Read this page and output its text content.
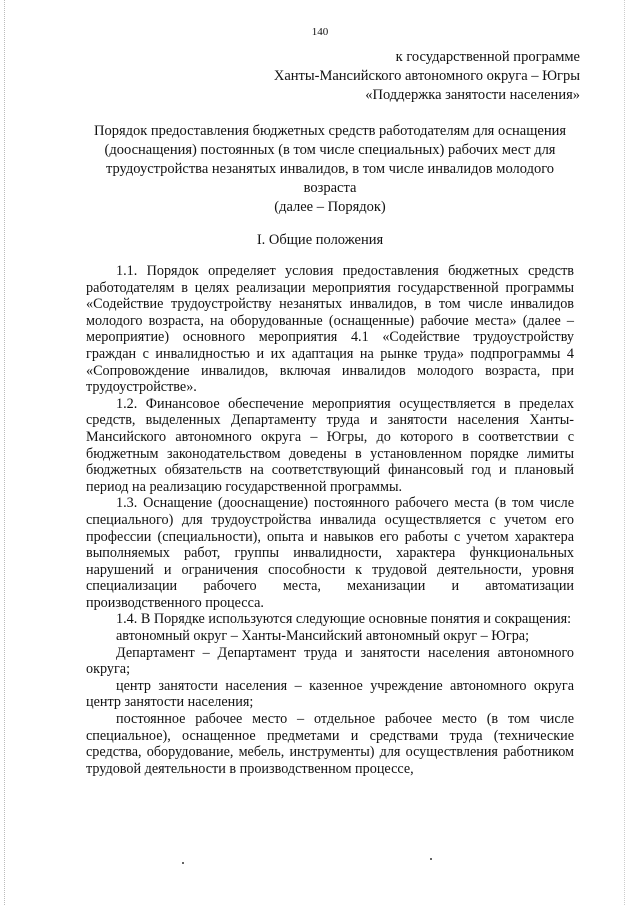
140
к государственной программе
Ханты-Мансийского автономного округа – Югры
«Поддержка занятости населения»
Порядок предоставления бюджетных средств работодателям для оснащения
(дооснащения) постоянных (в том числе специальных) рабочих мест для
трудоустройства незанятых инвалидов, в том числе инвалидов молодого
возраста
(далее – Порядок)
I. Общие положения

1.1. Порядок определяет условия предоставления бюджетных средств работодателям в целях реализации мероприятия государственной программы «Содействие трудоустройству незанятых инвалидов, в том числе инвалидов молодого возраста, на оборудованные (оснащенные) рабочие места» (далее – мероприятие) основного мероприятия 4.1 «Содействие трудоустройству граждан с инвалидностью и их адаптация на рынке труда» подпрограммы 4 «Сопровождение инвалидов, включая инвалидов молодого возраста, при трудоустройстве».

1.2. Финансовое обеспечение мероприятия осуществляется в пределах средств, выделенных Департаменту труда и занятости населения Ханты-Мансийского автономного округа – Югры, до которого в соответствии с бюджетным законодательством доведены в установленном порядке лимиты бюджетных обязательств на соответствующий финансовый год и плановый период на реализацию государственной программы.

1.3. Оснащение (дооснащение) постоянного рабочего места (в том числе специального) для трудоустройства инвалида осуществляется с учетом его профессии (специальности), опыта и навыков его работы с учетом характера выполняемых работ, группы инвалидности, характера функциональных нарушений и ограничения способности к трудовой деятельности, уровня специализации рабочего места, механизации и автоматизации производственного процесса.

1.4. В Порядке используются следующие основные понятия и сокращения:

автономный округ – Ханты-Мансийский автономный округ – Югра;

Департамент – Департамент труда и занятости населения автономного округа;

центр занятости населения – казенное учреждение автономного округа центр занятости населения;

постоянное рабочее место – отдельное рабочее место (в том числе специальное), оснащенное предметами и средствами труда (технические средства, оборудование, мебель, инструменты) для осуществления работником трудовой деятельности в производственном процессе,
